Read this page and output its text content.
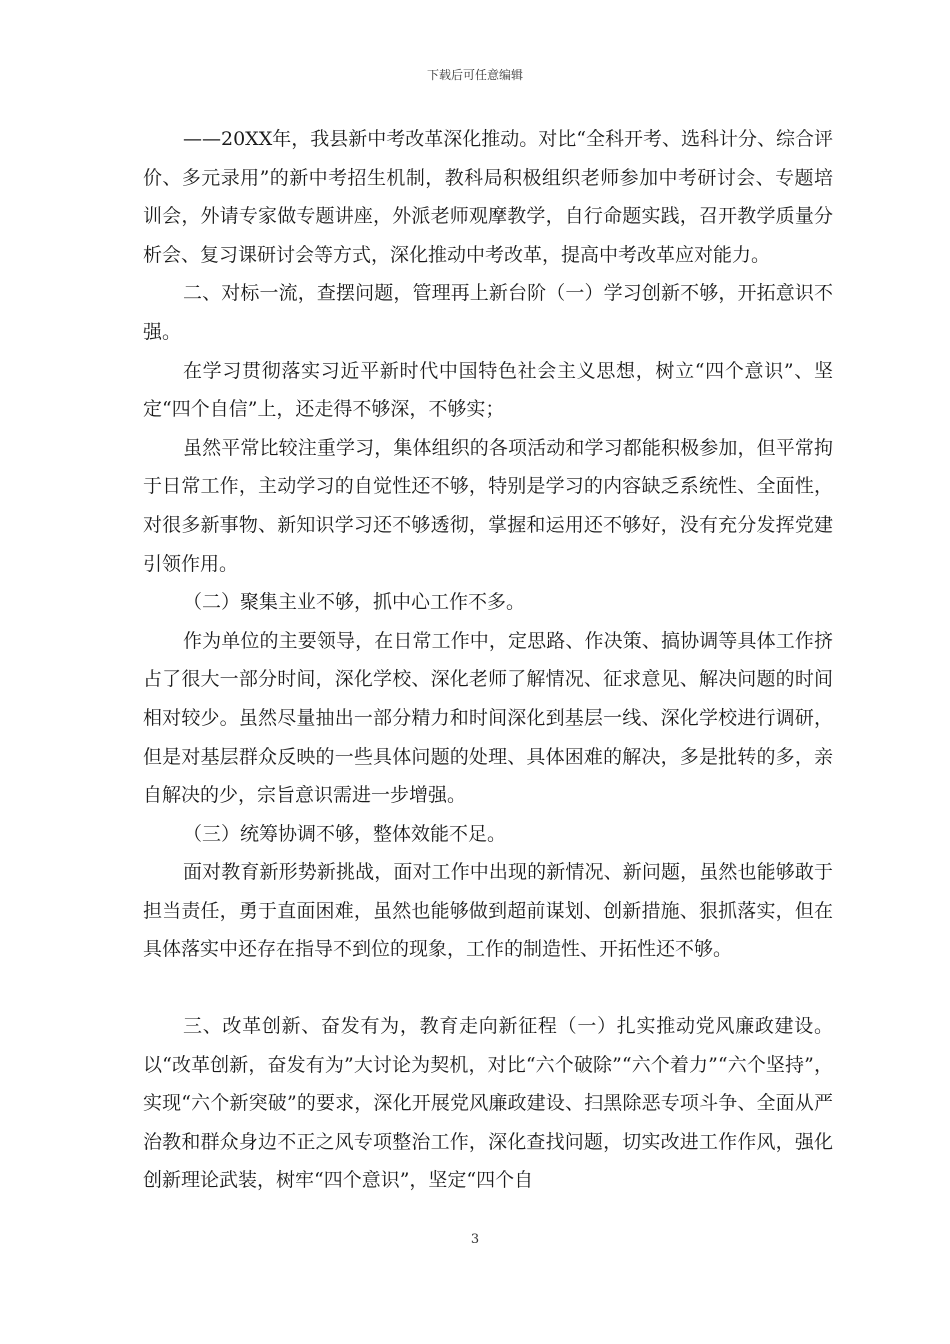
下载后可任意编辑

——20XX年，我县新中考改革深化推动。对比“全科开考、选科计分、综合评价、多元录用”的新中考招生机制，教科局积极组织老师参加中考研讨会、专题培训会，外请专家做专题讲座，外派老师观摩教学，自行命题实践，召开教学质量分析会、复习课研讨会等方式，深化推动中考改革，提高中考改革应对能力。

二、对标一流，查摆问题，管理再上新台阶（一）学习创新不够，开拓意识不强。

在学习贯彻落实习近平新时代中国特色社会主义思想，树立“四个意识”、坚定“四个自信”上，还走得不够深，不够实；

虽然平常比较注重学习，集体组织的各项活动和学习都能积极参加，但平常拘于日常工作，主动学习的自觉性还不够，特别是学习的内容缺乏系统性、全面性，对很多新事物、新知识学习还不够透彻，掌握和运用还不够好，没有充分发挥党建引领作用。

（二）聚集主业不够，抓中心工作不多。

作为单位的主要领导，在日常工作中，定思路、作决策、搞协调等具体工作挤占了很大一部分时间，深化学校、深化老师了解情况、征求意见、解决问题的时间相对较少。虽然尽量抽出一部分精力和时间深化到基层一线、深化学校进行调研，但是对基层群众反映的一些具体问题的处理、具体困难的解决，多是批转的多，亲自解决的少，宗旨意识需进一步增强。

（三）统筹协调不够，整体效能不足。

面对教育新形势新挑战，面对工作中出现的新情况、新问题，虽然也能够敢于担当责任，勇于直面困难，虽然也能够做到超前谋划、创新措施、狠抓落实，但在具体落实中还存在指导不到位的现象，工作的制造性、开拓性还不够。

三、改革创新、奋发有为，教育走向新征程（一）扎实推动党风廉政建设。以“改革创新，奋发有为”大讨论为契机，对比“六个破除”“六个着力”“六个坚持”，实现“六个新突破”的要求，深化开展党风廉政建设、扫黑除恶专项斗争、全面从严治教和群众身边不正之风专项整治工作，深化查找问题，切实改进工作作风，强化创新理论武装，树牢“四个意识”，坚定“四个自

3
